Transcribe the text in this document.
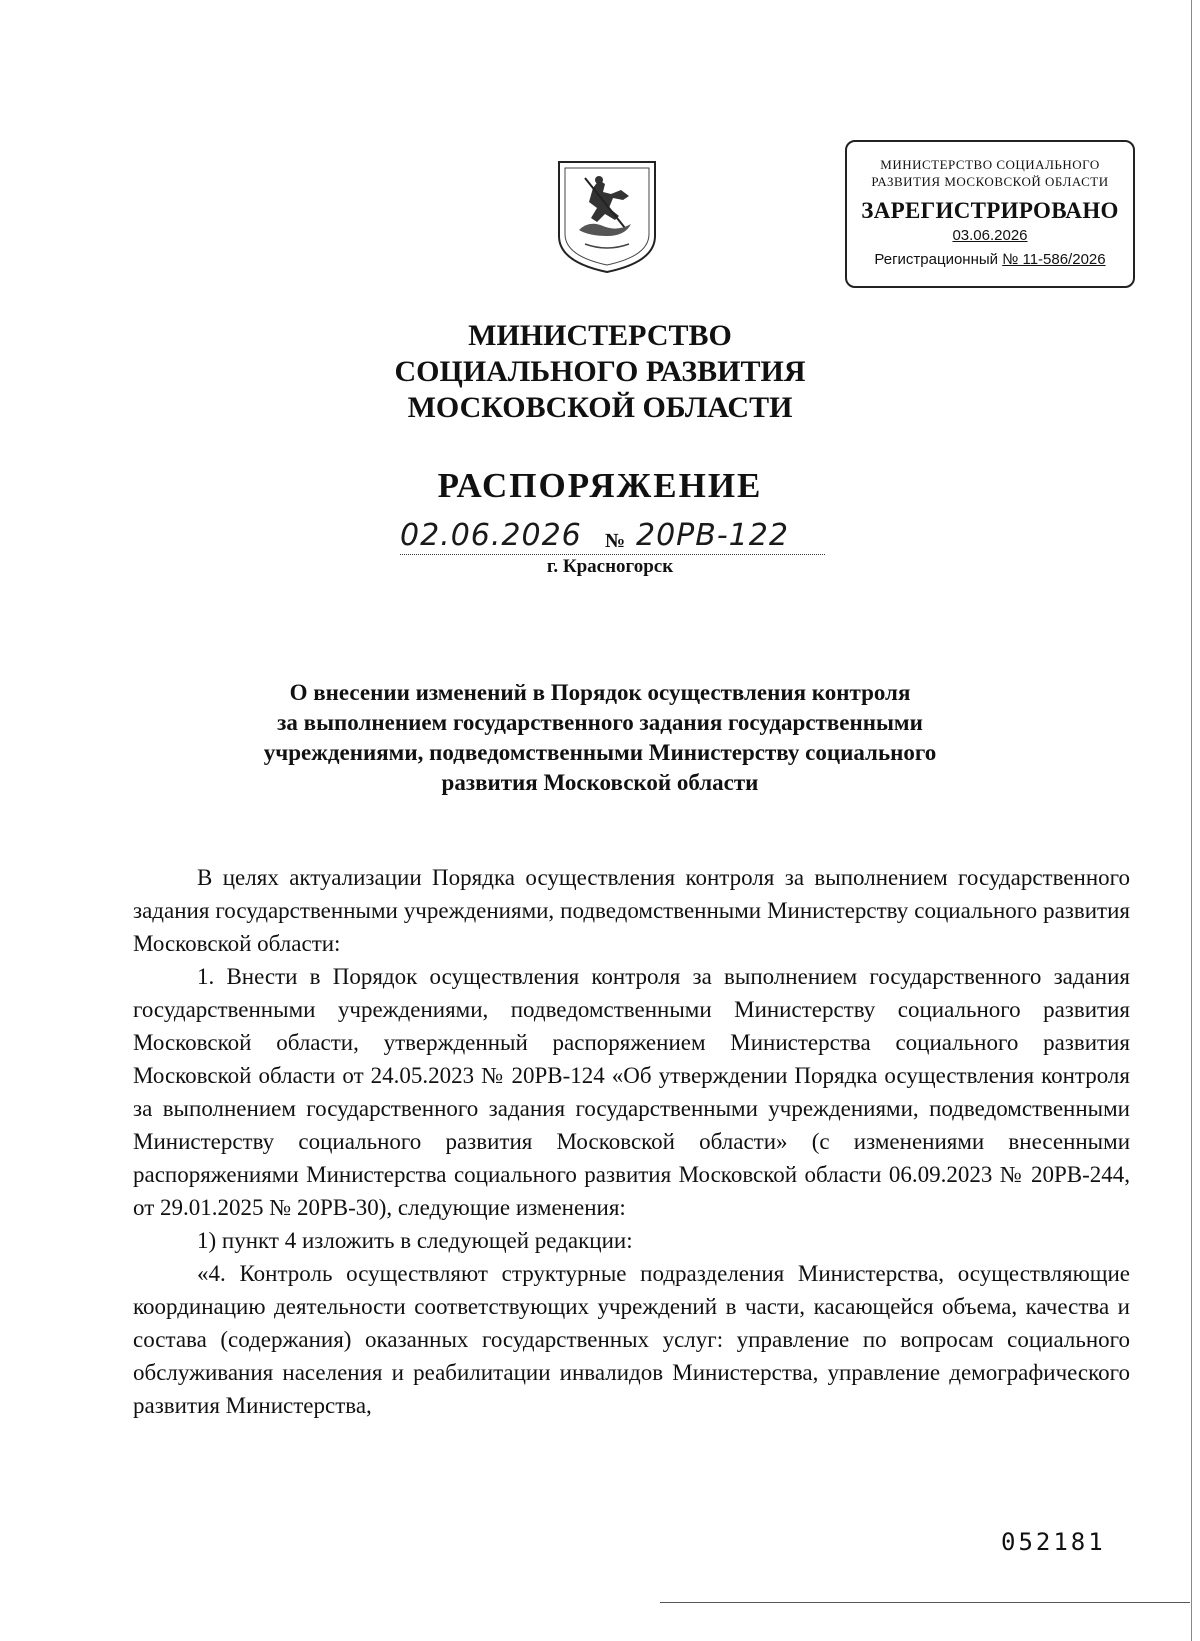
МИНИСТЕРСТВО СОЦИАЛЬНОГО
РАЗВИТИЯ МОСКОВСКОЙ ОБЛАСТИ
ЗАРЕГИСТРИРОВАНО
03.06.2026
Регистрационный № 11-586/2026
МИНИСТЕРСТВО
СОЦИАЛЬНОГО РАЗВИТИЯ
МОСКОВСКОЙ ОБЛАСТИ
РАСПОРЯЖЕНИЕ
02.06.2026 № 20РВ-122
г. Красногорск
О внесении изменений в Порядок осуществления контроля
за выполнением государственного задания государственными
учреждениями, подведомственными Министерству социального
развития Московской области

В целях актуализации Порядка осуществления контроля за выполнением государственного задания государственными учреждениями, подведомственными Министерству социального развития Московской области:

1. Внести в Порядок осуществления контроля за выполнением государственного задания государственными учреждениями, подведомственными Министерству социального развития Московской области, утвержденный распоряжением Министерства социального развития Московской области от 24.05.2023 № 20РВ-124 «Об утверждении Порядка осуществления контроля за выполнением государственного задания государственными учреждениями, подведомственными Министерству социального развития Московской области» (с изменениями внесенными распоряжениями Министерства социального развития Московской области 06.09.2023 № 20РВ-244, от 29.01.2025 № 20РВ-30), следующие изменения:

1) пункт 4 изложить в следующей редакции:

«4. Контроль осуществляют структурные подразделения Министерства, осуществляющие координацию деятельности соответствующих учреждений в части, касающейся объема, качества и состава (содержания) оказанных государственных услуг: управление по вопросам социального обслуживания населения и реабилитации инвалидов Министерства, управление демографического развития Министерства,

052181
